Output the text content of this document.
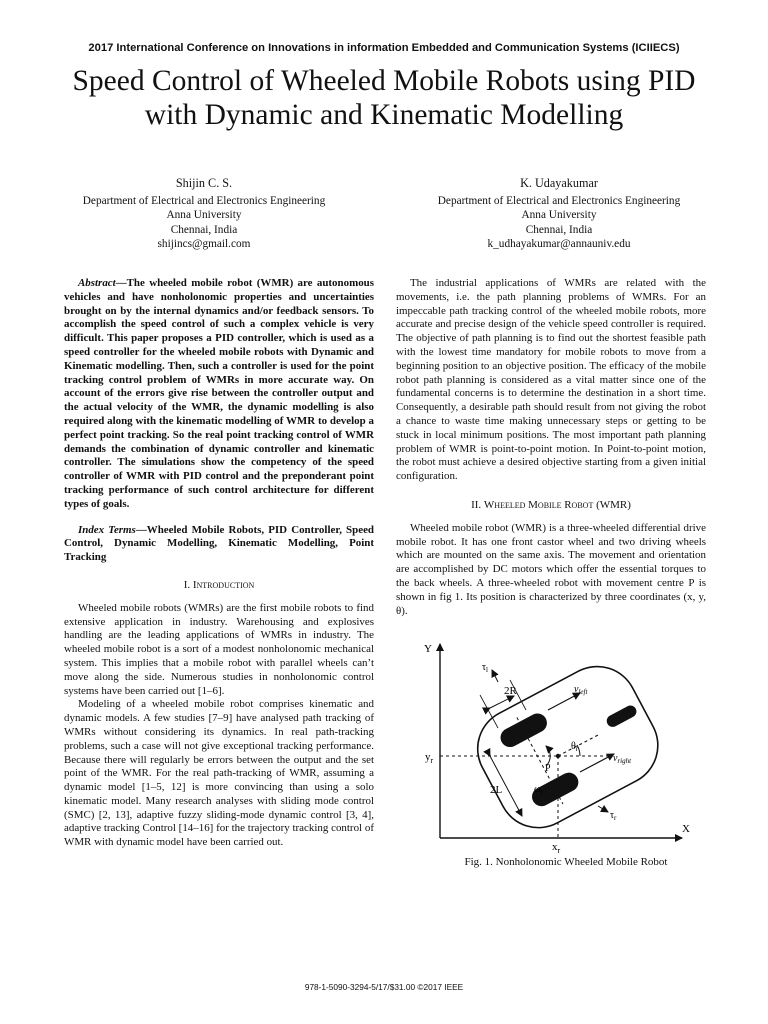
2017 International Conference on Innovations in information Embedded and Communication Systems (ICIIECS)
Speed Control of Wheeled Mobile Robots using PID
with Dynamic and Kinematic Modelling
Shijin C. S.
Department of Electrical and Electronics Engineering
Anna University
Chennai, India
shijincs@gmail.com
K. Udayakumar
Department of Electrical and Electronics Engineering
Anna University
Chennai, India
k_udhayakumar@annauniv.edu

Abstract—The wheeled mobile robot (WMR) are autonomous vehicles and have nonholonomic properties and uncertainties brought on by the internal dynamics and/or feedback sensors. To accomplish the speed control of such a complex vehicle is very difficult. This paper proposes a PID controller, which is used as a speed controller for the wheeled mobile robots with Dynamic and Kinematic modelling. Then, such a controller is used for the point tracking control problem of WMRs in more accurate way. On account of the errors give rise between the controller output and the actual velocity of the WMR, the dynamic modelling is also required along with the kinematic modelling of WMR to develop a perfect point tracking. So the real point tracking control of WMR demands the combination of dynamic controller and kinematic controller. The simulations show the competency of the speed controller of WMR with PID control and the preponderant point tracking performance of such control architecture for different types of goals.

Index Terms—Wheeled Mobile Robots, PID Controller, Speed Control, Dynamic Modelling, Kinematic Modelling, Point Tracking

I. Introduction

Wheeled mobile robots (WMRs) are the first mobile robots to find extensive application in industry. Warehousing and explosives handling are the leading applications of WMRs in industry. The wheeled mobile robot is a sort of a modest nonholonomic mechanical system. This implies that a mobile robot with parallel wheels can’t move along the side. Numerous studies in nonholonomic control systems have been carried out [1–6].

Modeling of a wheeled mobile robot comprises kinematic and dynamic models. A few studies [7–9] have analysed path tracking of WMRs without considering its dynamics. In real path-tracking problems, such a case will not give exceptional tracking performance. Because there will regularly be errors between the output and the set point of the WMR. For the real path-tracking of WMR, assuming a dynamic model [1–5, 12] is more convincing than using a solo kinematic model. Many research analyses with sliding mode control (SMC) [2, 13], adaptive fuzzy sliding-mode dynamic control [3, 4], adaptive tracking Control [14–16] for the trajectory tracking control of WMR with dynamic model have been carried out.

The industrial applications of WMRs are related with the movements, i.e. the path planning problems of WMRs. For an impeccable path tracking control of the wheeled mobile robots, more accurate and precise design of the vehicle speed controller is required. The objective of path planning is to find out the shortest feasible path with the lowest time mandatory for mobile robots to move from a beginning position to an objective position. The efficacy of the mobile robot path planning is considered as a vital matter since one of the fundamental concerns is to determine the destination in a short time. Consequently, a desirable path should result from not giving the robot a chance to waste time making unnecessary steps or getting to be stuck in local minimum positions. The most important path planning problem of WMR is point-to-point motion. In Point-to-point motion, the robot must achieve a desired objective starting from a given initial configuration.

II. Wheeled Mobile Robot (WMR)

Wheeled mobile robot (WMR) is a three-wheeled differential drive mobile robot. It has one front castor wheel and two driving wheels which are mounted on the same axis. The movement and orientation are accomplished by DC motors which offer the essential torques to the back wheels. A three-wheeled robot with movement centre P is shown in fig 1. Its position is characterized by three coordinates (x, y, θ).

Y
X
$y_r$
$x_r$
$\theta_r$
P
$\omega_r$
$v_{left}$
$v_{right}$
$\tau_l$
$\tau_r$
2R
2L
Fig. 1. Nonholonomic Wheeled Mobile Robot
978-1-5090-3294-5/17/$31.00 ©2017 IEEE
